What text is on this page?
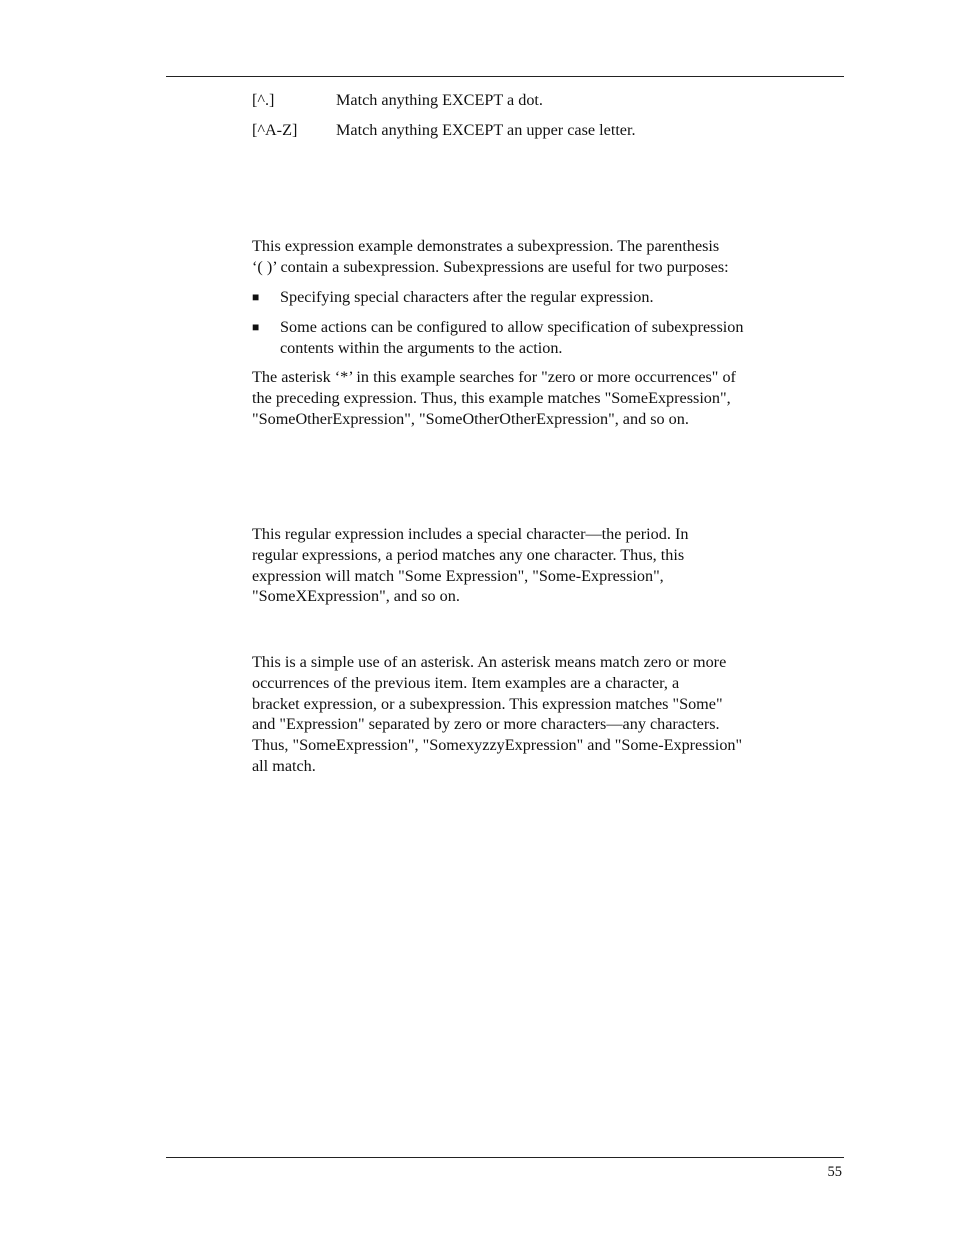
[^.]	Match anything EXCEPT a dot.
[^A-Z] Match anything EXCEPT an upper case letter.

This expression example demonstrates a subexpression. The parenthesis
‘( )’ contain a subexpression. Subexpressions are useful for two purposes:

■ Specifying special characters after the regular expression.
■ Some actions can be configured to allow specification of subexpression
contents within the arguments to the action.

The asterisk ‘*’ in this example searches for "zero or more occurrences" of
the preceding expression. Thus, this example matches "SomeExpression",
"SomeOtherExpression", "SomeOtherOtherExpression", and so on.

This regular expression includes a special character—the period. In
regular expressions, a period matches any one character. Thus, this
expression will match "Some Expression", "Some-Expression",
"SomeXExpression", and so on.

This is a simple use of an asterisk. An asterisk means match zero or more
occurrences of the previous item. Item examples are a character, a
bracket expression, or a subexpression. This expression matches "Some"
and "Expression" separated by zero or more characters—any characters.
Thus, "SomeExpression", "SomexyzzyExpression" and "Some-Expression"
all match.

55
